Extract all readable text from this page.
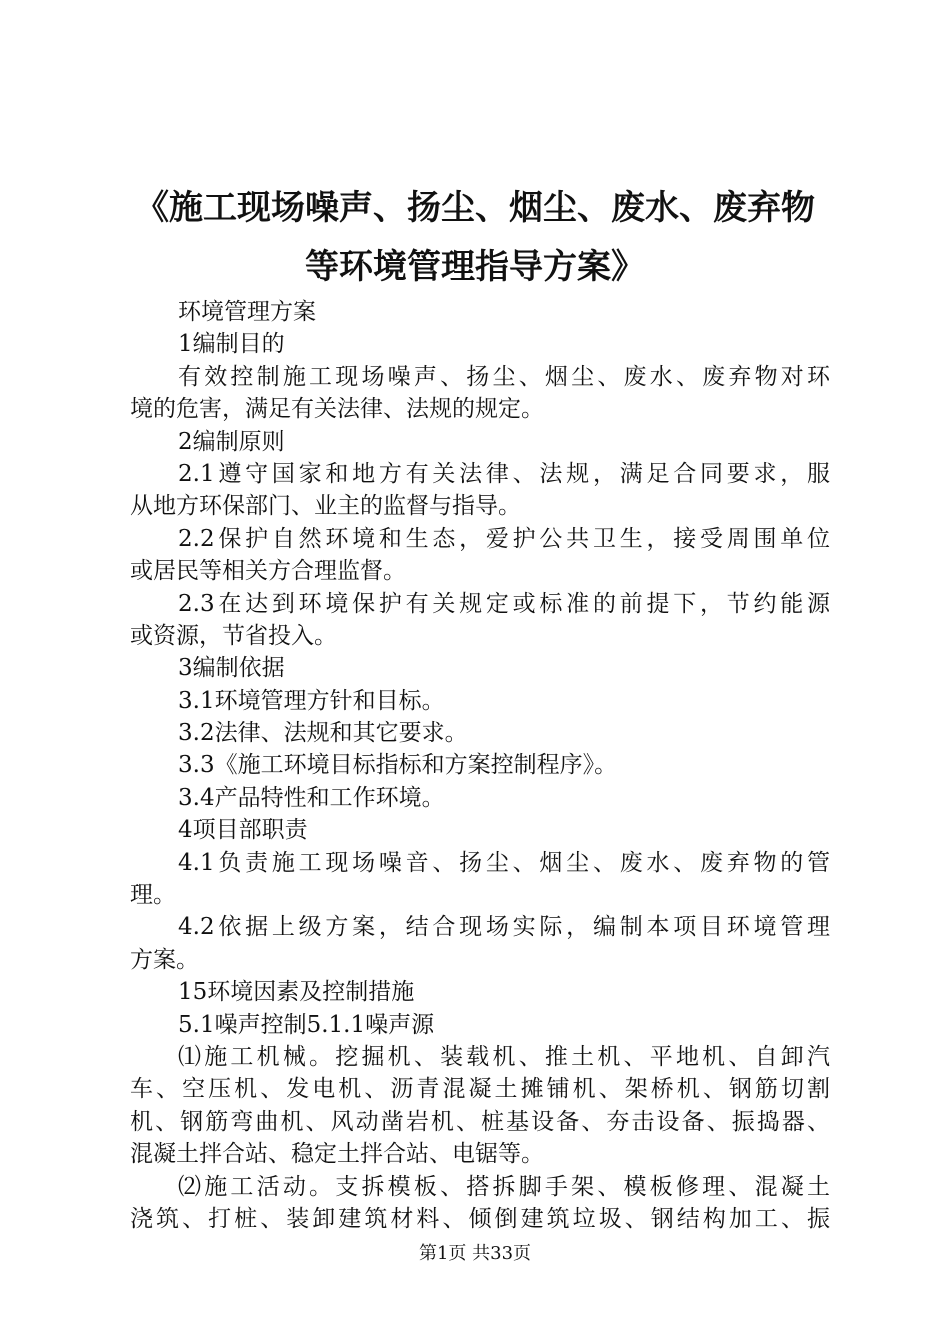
《施工现场噪声、扬尘、烟尘、废水、废弃物
等环境管理指导方案》
环境管理方案
1编制目的
有效控制施工现场噪声、扬尘、烟尘、废水、废弃物对环
境的危害，满足有关法律、法规的规定。
2编制原则
2.1遵守国家和地方有关法律、法规，满足合同要求，服
从地方环保部门、业主的监督与指导。
2.2保护自然环境和生态，爱护公共卫生，接受周围单位
或居民等相关方合理监督。
2.3在达到环境保护有关规定或标准的前提下，节约能源
或资源，节省投入。
3编制依据
3.1环境管理方针和目标。
3.2法律、法规和其它要求。
3.3《施工环境目标指标和方案控制程序》。
3.4产品特性和工作环境。
4项目部职责
4.1负责施工现场噪音、扬尘、烟尘、废水、废弃物的管
理。
4.2依据上级方案，结合现场实际，编制本项目环境管理
方案。
15环境因素及控制措施
5.1噪声控制5.1.1噪声源
⑴施工机械。挖掘机、装载机、推土机、平地机、自卸汽
车、空压机、发电机、沥青混凝土摊铺机、架桥机、钢筋切割
机、钢筋弯曲机、风动凿岩机、桩基设备、夯击设备、振捣器、
混凝土拌合站、稳定土拌合站、电锯等。
⑵施工活动。支拆模板、搭拆脚手架、模板修理、混凝土
浇筑、打桩、装卸建筑材料、倾倒建筑垃圾、钢结构加工、振
第1页 共33页
